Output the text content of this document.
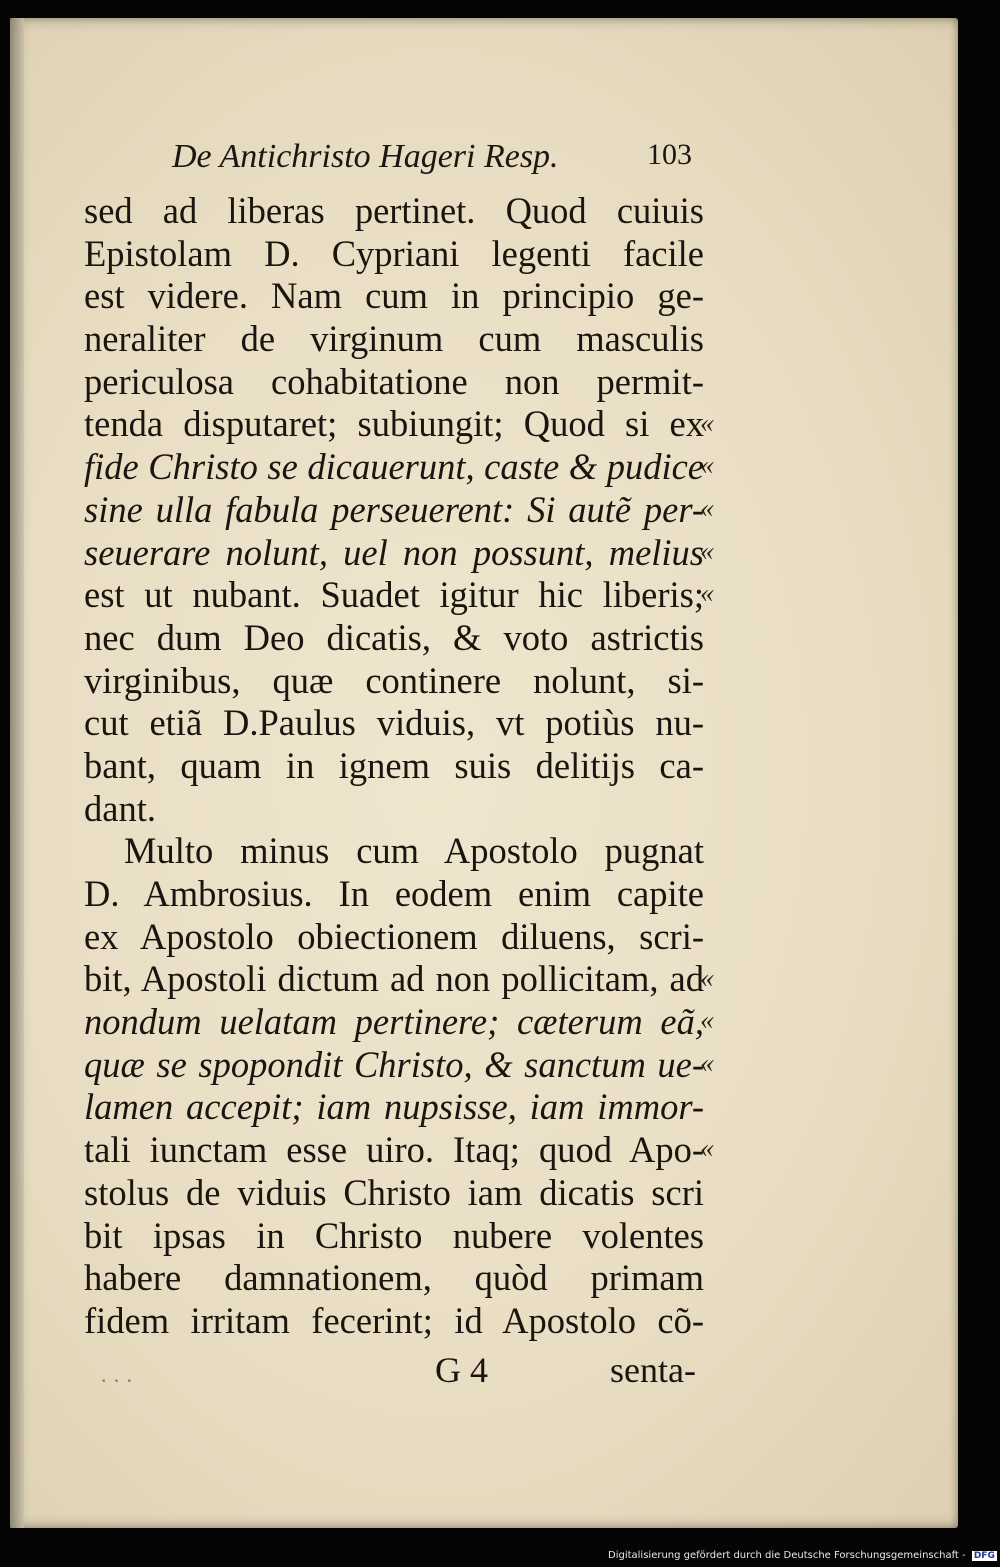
De Antichristo Hageri Resp.	103
sed ad liberas pertinet. Quod cuiuis
Epistolam D. Cypriani legenti facile
est videre. Nam cum in principio ge-
neraliter de virginum cum masculis
periculosa cohabitatione non permit-
tenda disputaret; subiungit; Quod si ex
fide Christo se dicauerunt, caste & pudice
sine ulla fabula perseuerent: Si autẽ per-
seuerare nolunt, uel non possunt, melius
est ut nubant. Suadet igitur hic liberis;
nec dum Deo dicatis, & voto astrictis
virginibus, quæ continere nolunt, si-
cut etiã D.Paulus viduis, vt potiùs nu-
bant, quam in ignem suis delitijs ca-
dant.
Multo minus cum Apostolo pugnat
D. Ambrosius. In eodem enim capite
ex Apostolo obiectionem diluens, scri-
bit, Apostoli dictum ad non pollicitam, ad
nondum uelatam pertinere; cæterum eã,
quæ se spopondit Christo, & sanctum ue-
lamen accepit; iam nupsisse, iam immor-
tali iunctam esse uiro. Itaq; quod Apo-
stolus de viduis Christo iam dicatis scri
bit ipsas in Christo nubere volentes
habere damnationem, quòd primam
fidem irritam fecerint; id Apostolo cõ-
«
«
«
«
«
«
«
«
«
G 4	senta-
· · ·
Digitalisierung gefördert durch die Deutsche Forschungsgemeinschaft - DFG
